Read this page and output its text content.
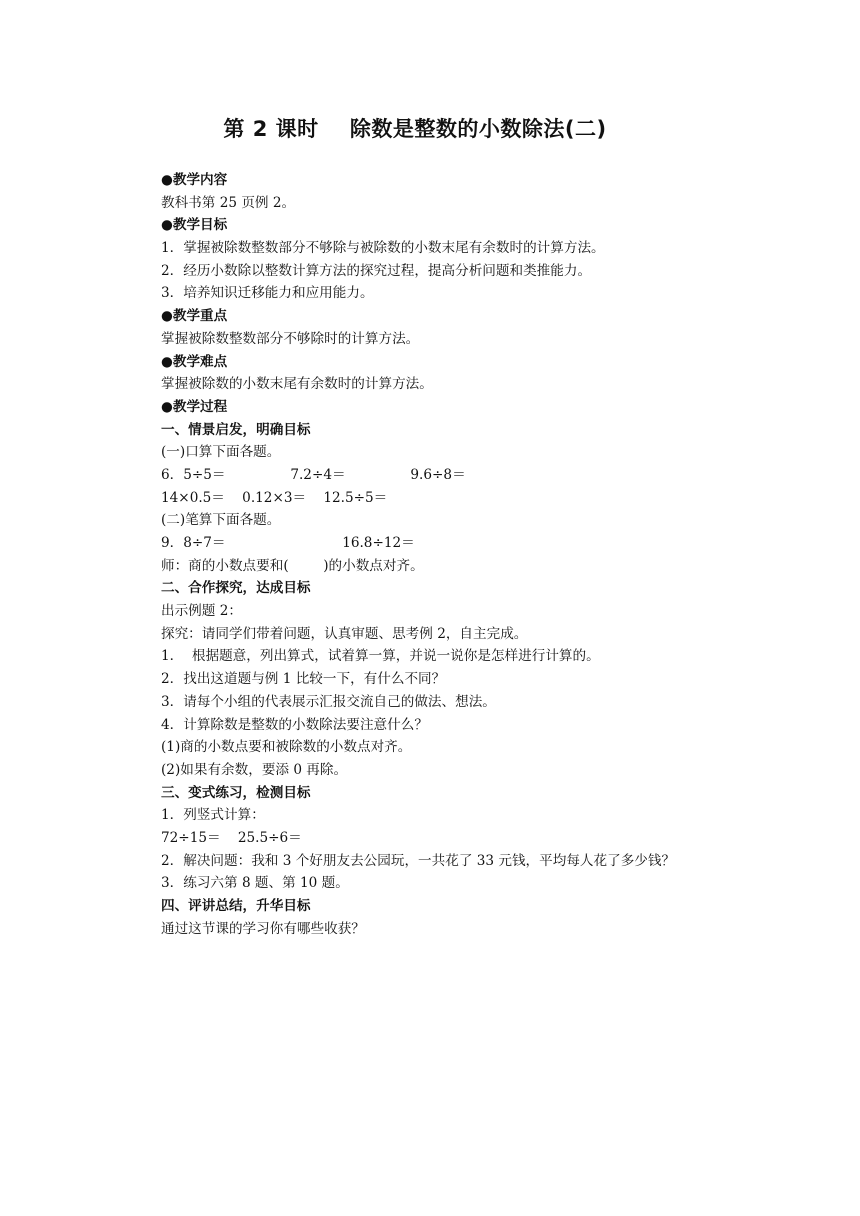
第 2 课时    除数是整数的小数除法(二)
●教学内容
教科书第 25 页例 2。
●教学目标
1．掌握被除数整数部分不够除与被除数的小数末尾有余数时的计算方法。
2．经历小数除以整数计算方法的探究过程，提高分析问题和类推能力。
3．培养知识迁移能力和应用能力。
●教学重点
掌握被除数整数部分不够除时的计算方法。
●教学难点
掌握被除数的小数末尾有余数时的计算方法。
●教学过程
一、情景启发，明确目标
(一)口算下面各题。
6．5÷5＝               7.2÷4＝               9.6÷8＝
14×0.5＝    0.12×3＝    12.5÷5＝
(二)笔算下面各题。
9．8÷7＝                           16.8÷12＝
师：商的小数点要和(        )的小数点对齐。
二、合作探究，达成目标
出示例题 2：
探究：请同学们带着问题，认真审题、思考例 2，自主完成。
1．  根据题意，列出算式，试着算一算，并说一说你是怎样进行计算的。
2．找出这道题与例 1 比较一下，有什么不同？
3．请每个小组的代表展示汇报交流自己的做法、想法。
4．计算除数是整数的小数除法要注意什么？
(1)商的小数点要和被除数的小数点对齐。
(2)如果有余数，要添 0 再除。
三、变式练习，检测目标
1．列竖式计算：
72÷15＝    25.5÷6＝
2．解决问题：我和 3 个好朋友去公园玩，一共花了 33 元钱，平均每人花了多少钱？
3．练习六第 8 题、第 10 题。
四、评讲总结，升华目标
通过这节课的学习你有哪些收获？
